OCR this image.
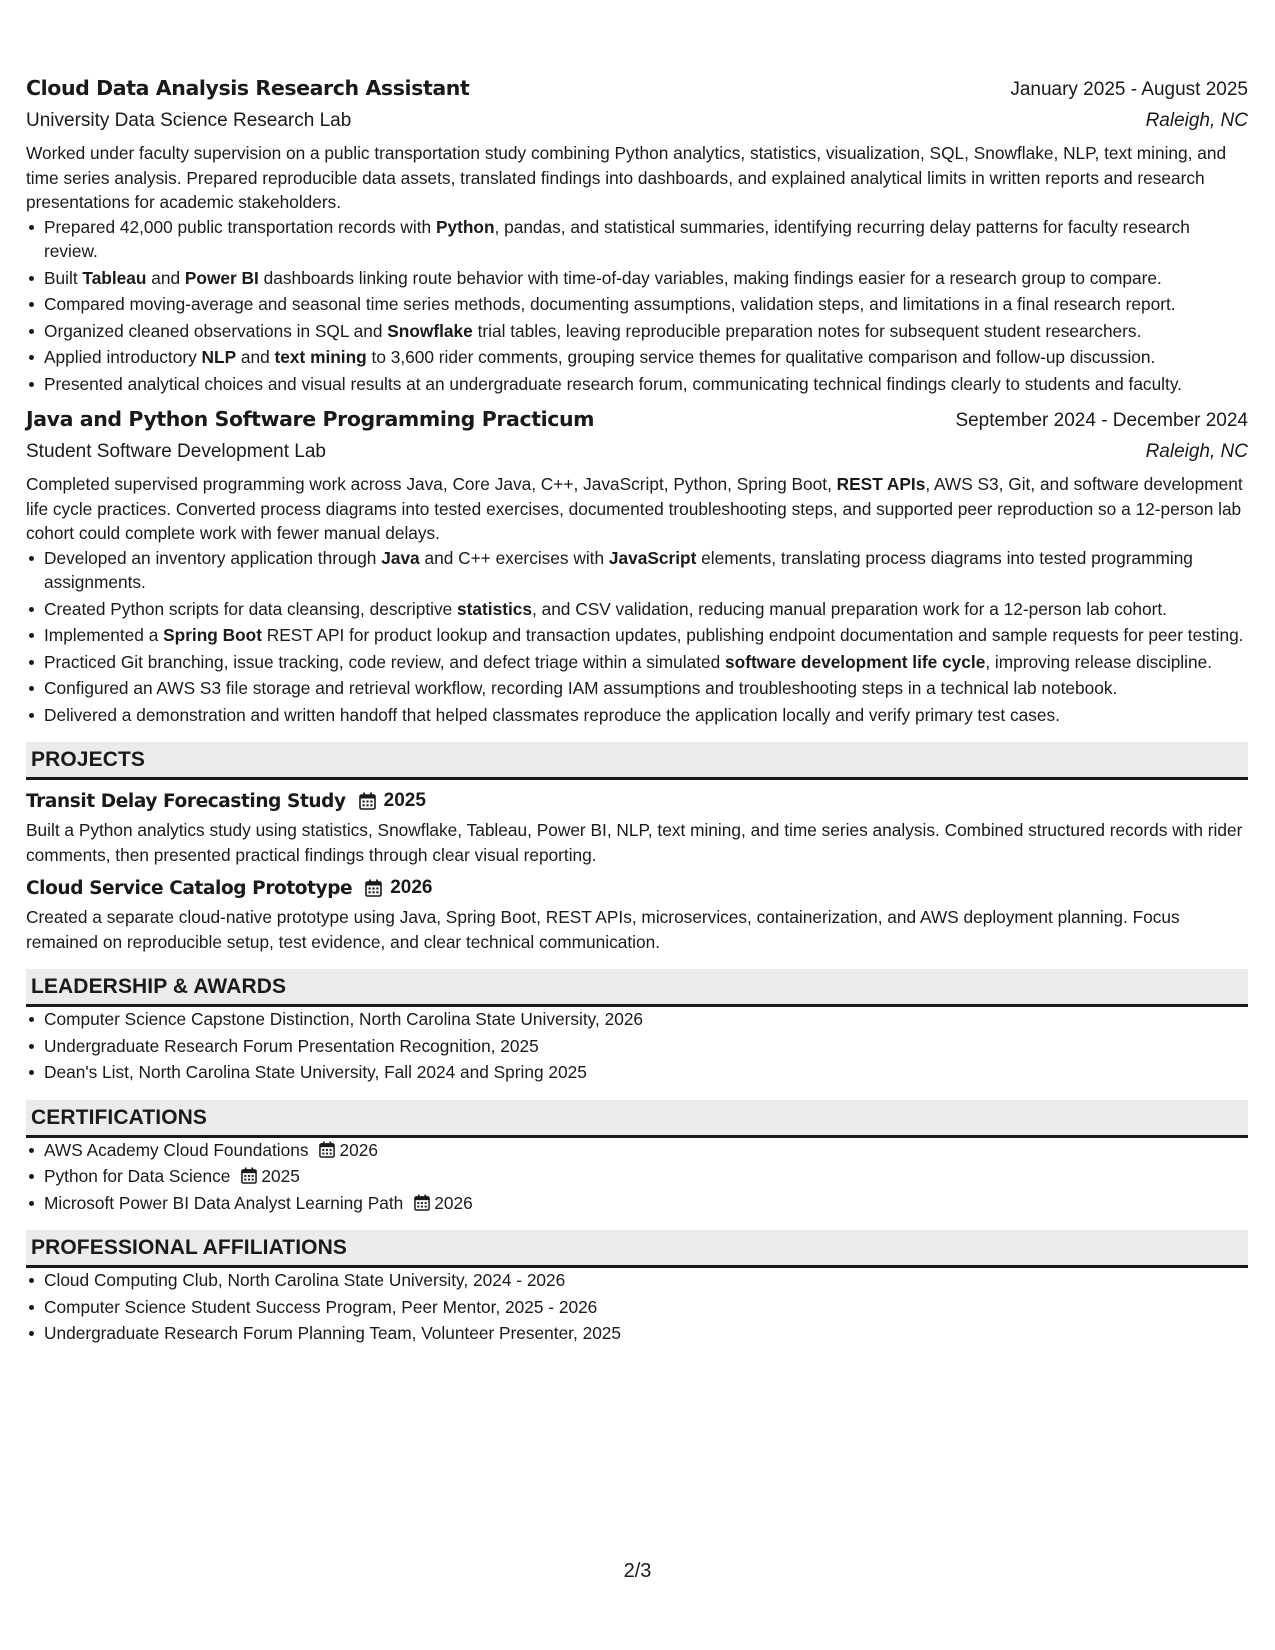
Cloud Data Analysis Research Assistant	January 2025 - August 2025
University Data Science Research Lab	Raleigh, NC
Worked under faculty supervision on a public transportation study combining Python analytics, statistics, visualization, SQL, Snowflake, NLP, text mining, and time series analysis. Prepared reproducible data assets, translated findings into dashboards, and explained analytical limits in written reports and research presentations for academic stakeholders.
Prepared 42,000 public transportation records with Python, pandas, and statistical summaries, identifying recurring delay patterns for faculty research review.
Built Tableau and Power BI dashboards linking route behavior with time-of-day variables, making findings easier for a research group to compare.
Compared moving-average and seasonal time series methods, documenting assumptions, validation steps, and limitations in a final research report.
Organized cleaned observations in SQL and Snowflake trial tables, leaving reproducible preparation notes for subsequent student researchers.
Applied introductory NLP and text mining to 3,600 rider comments, grouping service themes for qualitative comparison and follow-up discussion.
Presented analytical choices and visual results at an undergraduate research forum, communicating technical findings clearly to students and faculty.
Java and Python Software Programming Practicum	September 2024 - December 2024
Student Software Development Lab	Raleigh, NC
Completed supervised programming work across Java, Core Java, C++, JavaScript, Python, Spring Boot, REST APIs, AWS S3, Git, and software development life cycle practices. Converted process diagrams into tested exercises, documented troubleshooting steps, and supported peer reproduction so a 12-person lab cohort could complete work with fewer manual delays.
Developed an inventory application through Java and C++ exercises with JavaScript elements, translating process diagrams into tested programming assignments.
Created Python scripts for data cleansing, descriptive statistics, and CSV validation, reducing manual preparation work for a 12-person lab cohort.
Implemented a Spring Boot REST API for product lookup and transaction updates, publishing endpoint documentation and sample requests for peer testing.
Practiced Git branching, issue tracking, code review, and defect triage within a simulated software development life cycle, improving release discipline.
Configured an AWS S3 file storage and retrieval workflow, recording IAM assumptions and troubleshooting steps in a technical lab notebook.
Delivered a demonstration and written handoff that helped classmates reproduce the application locally and verify primary test cases.
PROJECTS
Transit Delay Forecasting Study 2025
Built a Python analytics study using statistics, Snowflake, Tableau, Power BI, NLP, text mining, and time series analysis. Combined structured records with rider comments, then presented practical findings through clear visual reporting.
Cloud Service Catalog Prototype 2026
Created a separate cloud-native prototype using Java, Spring Boot, REST APIs, microservices, containerization, and AWS deployment planning. Focus remained on reproducible setup, test evidence, and clear technical communication.
LEADERSHIP & AWARDS
Computer Science Capstone Distinction, North Carolina State University, 2026
Undergraduate Research Forum Presentation Recognition, 2025
Dean's List, North Carolina State University, Fall 2024 and Spring 2025
CERTIFICATIONS
AWS Academy Cloud Foundations 2026
Python for Data Science 2025
Microsoft Power BI Data Analyst Learning Path 2026
PROFESSIONAL AFFILIATIONS
Cloud Computing Club, North Carolina State University, 2024 - 2026
Computer Science Student Success Program, Peer Mentor, 2025 - 2026
Undergraduate Research Forum Planning Team, Volunteer Presenter, 2025
2/3
